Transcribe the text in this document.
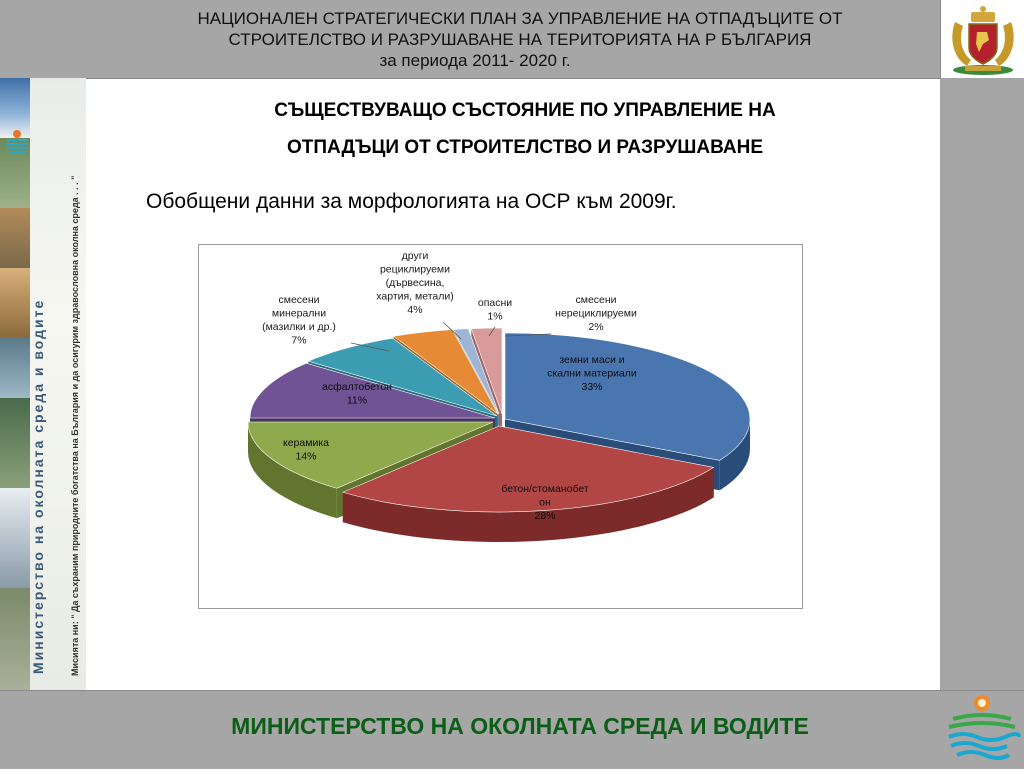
НАЦИОНАЛЕН СТРАТЕГИЧЕСКИ ПЛАН ЗА УПРАВЛЕНИЕ НА ОТПАДЪЦИТЕ ОТ
СТРОИТЕЛСТВО И РАЗРУШАВАНЕ НА ТЕРИТОРИЯТА НА Р БЪЛГАРИЯ
за периода 2011- 2020 г.
Министерство на околната среда и водите	Мисията ни: " Да съхраним природните богатства на България и да осигурим здравословна околна среда . . . "
СЪЩЕСТВУВАЩО СЪСТОЯНИЕ ПО УПРАВЛЕНИЕ НА
ОТПАДЪЦИ ОТ СТРОИТЕЛСТВО И РАЗРУШАВАНЕ
Обобщени данни за морфологията на ОСР към 2009г.
земни маси и скални материали 33%
бетон/стоманобет он 28%
керамика 14%
асфалтобетон 11%
смесени минерални (мазилки и др.) 7%
други рециклируеми (дървесина, хартия, метали) 4%
опасни 1%
смесени нерециклируеми 2%
МИНИСТЕРСТВО НА ОКОЛНАТА СРЕДА И ВОДИТЕ
